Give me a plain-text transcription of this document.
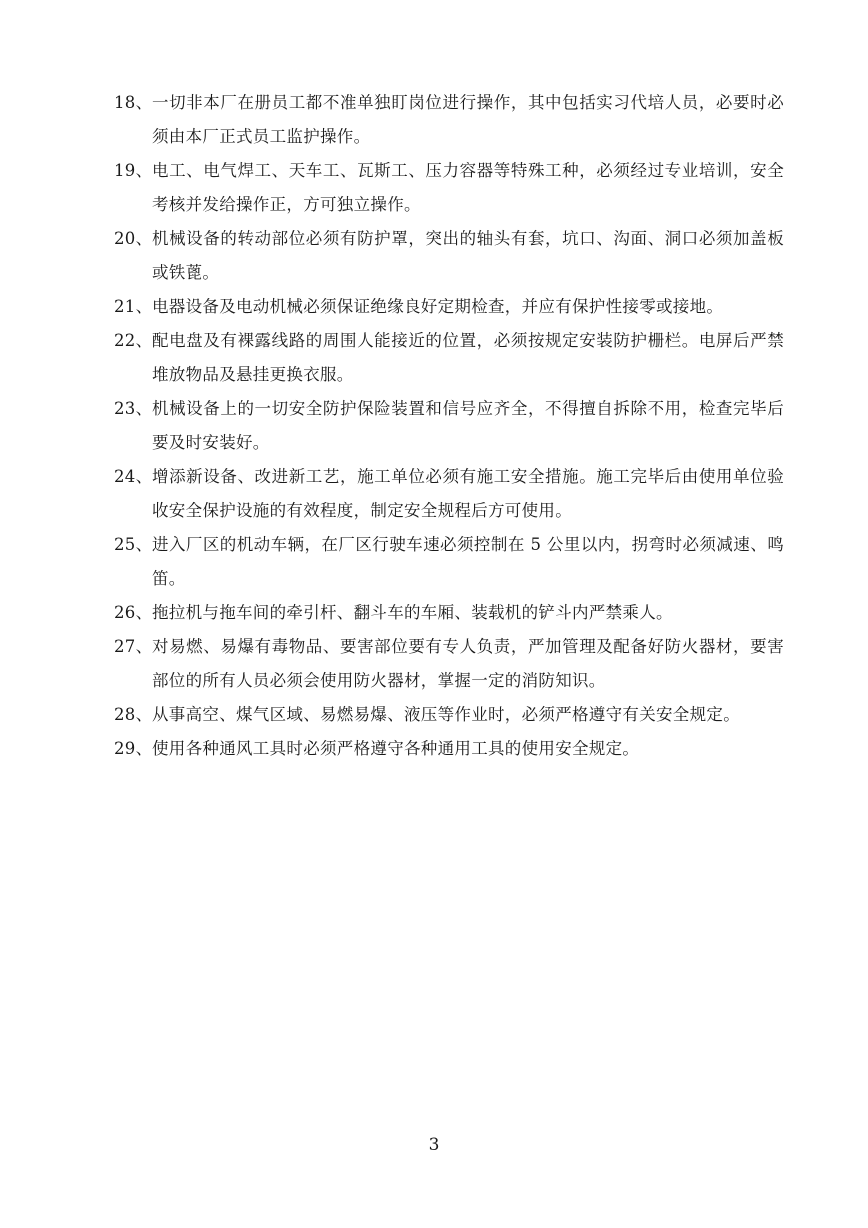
18、 一切非本厂在册员工都不准单独盯岗位进行操作，其中包括实习代培人员，必要时必须由本厂正式员工监护操作。

19、 电工、电气焊工、天车工、瓦斯工、压力容器等特殊工种，必须经过专业培训，安全考核并发给操作正，方可独立操作。

20、 机械设备的转动部位必须有防护罩，突出的轴头有套，坑口、沟面、洞口必须加盖板或铁蓖。

21、 电器设备及电动机械必须保证绝缘良好定期检查，并应有保护性接零或接地。

22、 配电盘及有裸露线路的周围人能接近的位置，必须按规定安装防护栅栏。电屏后严禁堆放物品及悬挂更换衣服。

23、 机械设备上的一切安全防护保险装置和信号应齐全，不得擅自拆除不用，检查完毕后要及时安装好。

24、 增添新设备、改进新工艺，施工单位必须有施工安全措施。施工完毕后由使用单位验收安全保护设施的有效程度，制定安全规程后方可使用。

25、 进入厂区的机动车辆，在厂区行驶车速必须控制在 5 公里以内，拐弯时必须减速、鸣笛。

26、 拖拉机与拖车间的牵引杆、翻斗车的车厢、装载机的铲斗内严禁乘人。

27、 对易燃、易爆有毒物品、要害部位要有专人负责，严加管理及配备好防火器材，要害部位的所有人员必须会使用防火器材，掌握一定的消防知识。

28、 从事高空、煤气区域、易燃易爆、液压等作业时，必须严格遵守有关安全规定。

29、 使用各种通风工具时必须严格遵守各种通用工具的使用安全规定。

3
